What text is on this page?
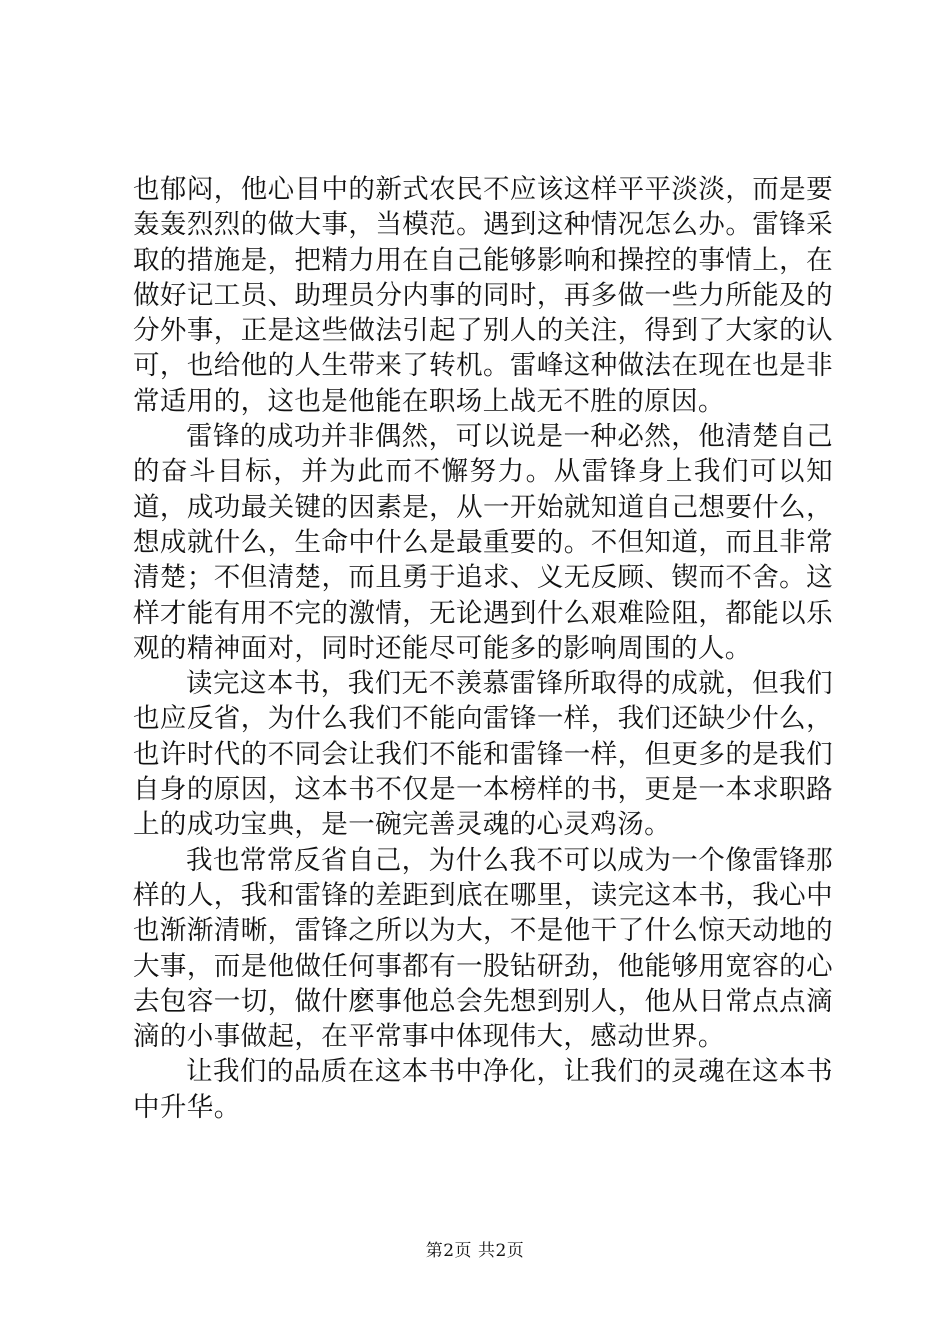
也郁闷，他心目中的新式农民不应该这样平平淡淡，而是要轰轰烈烈的做大事，当模范。遇到这种情况怎么办。雷锋采取的措施是，把精力用在自己能够影响和操控的事情上，在做好记工员、助理员分内事的同时，再多做一些力所能及的分外事，正是这些做法引起了别人的关注，得到了大家的认可，也给他的人生带来了转机。雷峰这种做法在现在也是非常适用的，这也是他能在职场上战无不胜的原因。

雷锋的成功并非偶然，可以说是一种必然，他清楚自己的奋斗目标，并为此而不懈努力。从雷锋身上我们可以知道，成功最关键的因素是，从一开始就知道自己想要什么，想成就什么，生命中什么是最重要的。不但知道，而且非常清楚；不但清楚，而且勇于追求、义无反顾、锲而不舍。这样才能有用不完的激情，无论遇到什么艰难险阻，都能以乐观的精神面对，同时还能尽可能多的影响周围的人。

读完这本书，我们无不羡慕雷锋所取得的成就，但我们也应反省，为什么我们不能向雷锋一样，我们还缺少什么，也许时代的不同会让我们不能和雷锋一样，但更多的是我们自身的原因，这本书不仅是一本榜样的书，更是一本求职路上的成功宝典，是一碗完善灵魂的心灵鸡汤。

我也常常反省自己，为什么我不可以成为一个像雷锋那样的人，我和雷锋的差距到底在哪里，读完这本书，我心中也渐渐清晰，雷锋之所以为大，不是他干了什么惊天动地的大事，而是他做任何事都有一股钻研劲，他能够用宽容的心去包容一切，做什麽事他总会先想到别人，他从日常点点滴滴的小事做起，在平常事中体现伟大，感动世界。

让我们的品质在这本书中净化，让我们的灵魂在这本书中升华。

第2页 共2页
